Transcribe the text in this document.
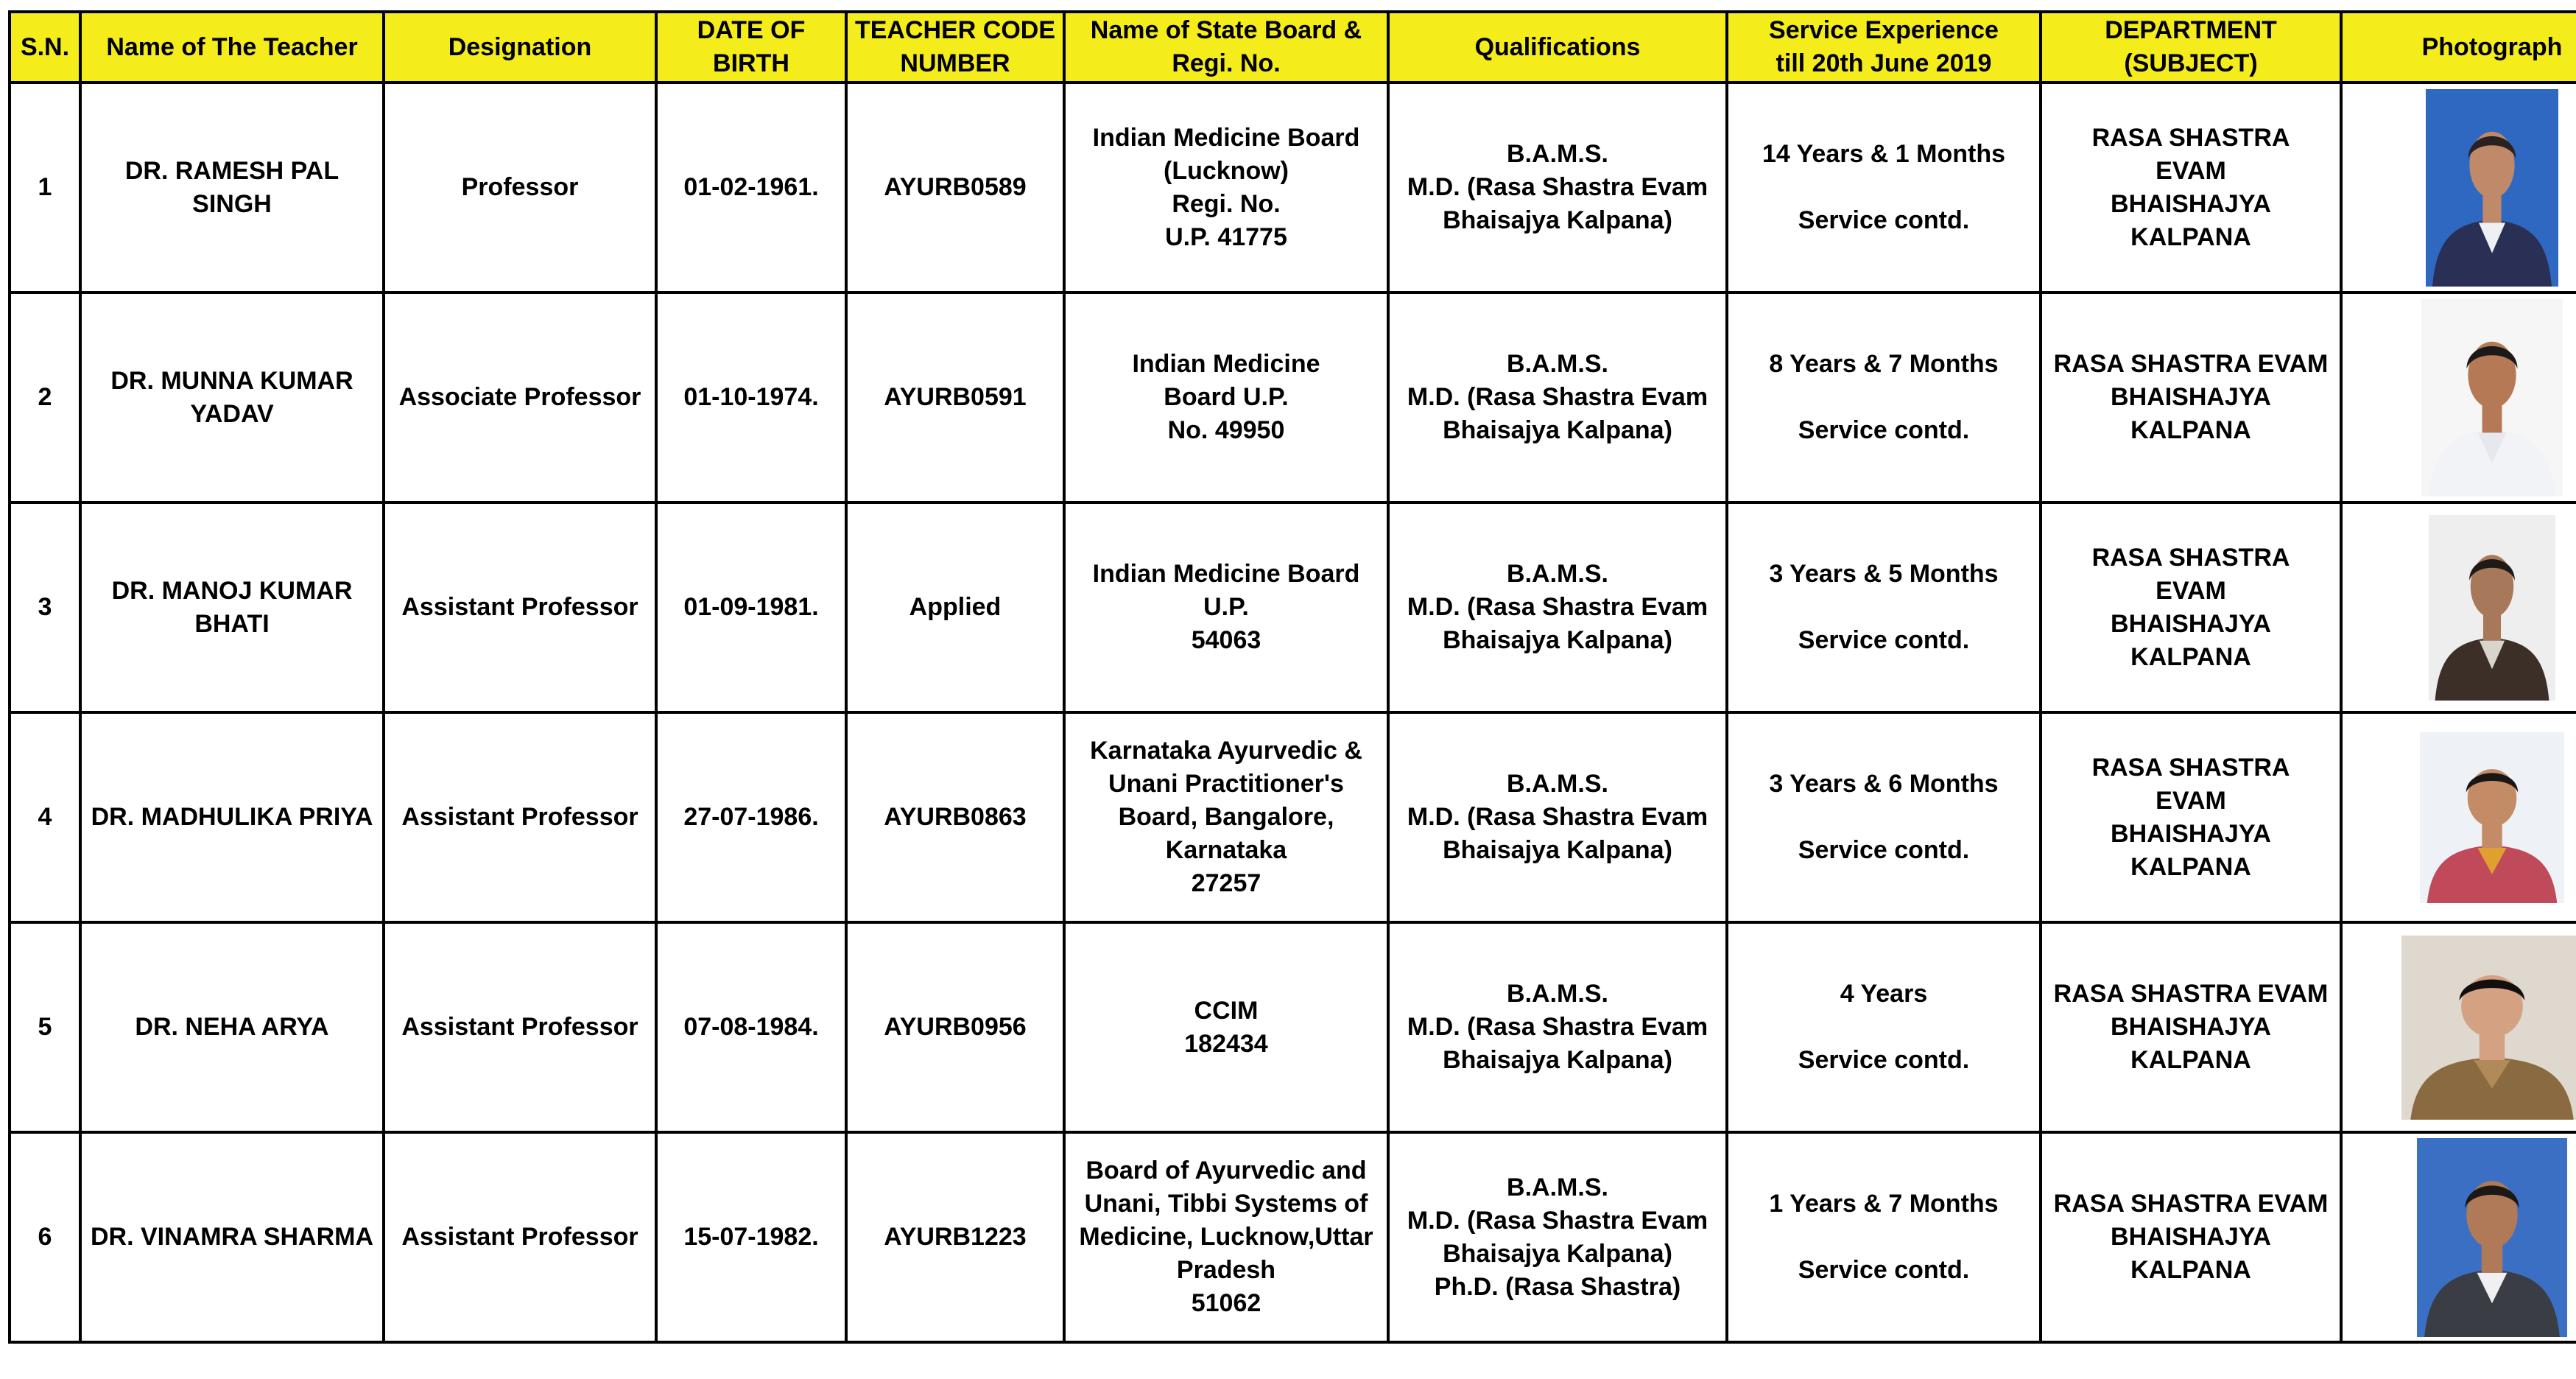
S.N.	Name of The Teacher	Designation	DATE OF
BIRTH	TEACHER CODE
NUMBER	Name of State Board &
Regi. No.	Qualifications	Service Experience
till 20th June 2019	DEPARTMENT
(SUBJECT)	Photograph

1	DR. RAMESH PAL
SINGH	Professor	01-02-1961.	AYURB0589	Indian Medicine Board
(Lucknow)
Regi. No.
U.P. 41775	B.A.M.S.
M.D. (Rasa Shastra Evam
Bhaisajya Kalpana)	14 Years & 1 Months

Service contd.	RASA SHASTRA
EVAM
BHAISHAJYA
KALPANA

2	DR. MUNNA KUMAR
YADAV	Associate Professor	01-10-1974.	AYURB0591	Indian Medicine
Board U.P.
No. 49950	B.A.M.S.
M.D. (Rasa Shastra Evam
Bhaisajya Kalpana)	8 Years & 7 Months

Service contd.	RASA SHASTRA EVAM
BHAISHAJYA
KALPANA

3	DR. MANOJ KUMAR
BHATI	Assistant Professor	01-09-1981.	Applied	Indian Medicine Board
U.P.
54063	B.A.M.S.
M.D. (Rasa Shastra Evam
Bhaisajya Kalpana)	3 Years & 5 Months

Service contd.	RASA SHASTRA
EVAM
BHAISHAJYA
KALPANA

4	DR. MADHULIKA PRIYA	Assistant Professor	27-07-1986.	AYURB0863	Karnataka Ayurvedic &
Unani Practitioner's
Board, Bangalore,
Karnataka
27257	B.A.M.S.
M.D. (Rasa Shastra Evam
Bhaisajya Kalpana)	3 Years & 6 Months

Service contd.	RASA SHASTRA
EVAM
BHAISHAJYA
KALPANA

5	DR. NEHA ARYA	Assistant Professor	07-08-1984.	AYURB0956	CCIM
182434	B.A.M.S.
M.D. (Rasa Shastra Evam
Bhaisajya Kalpana)	4 Years

Service contd.	RASA SHASTRA EVAM
BHAISHAJYA
KALPANA

6	DR. VINAMRA SHARMA	Assistant Professor	15-07-1982.	AYURB1223	Board of Ayurvedic and
Unani, Tibbi Systems of
Medicine, Lucknow,Uttar
Pradesh
51062	B.A.M.S.
M.D. (Rasa Shastra Evam
Bhaisajya Kalpana)
Ph.D. (Rasa Shastra)	1 Years & 7 Months

Service contd.	RASA SHASTRA EVAM
BHAISHAJYA
KALPANA
